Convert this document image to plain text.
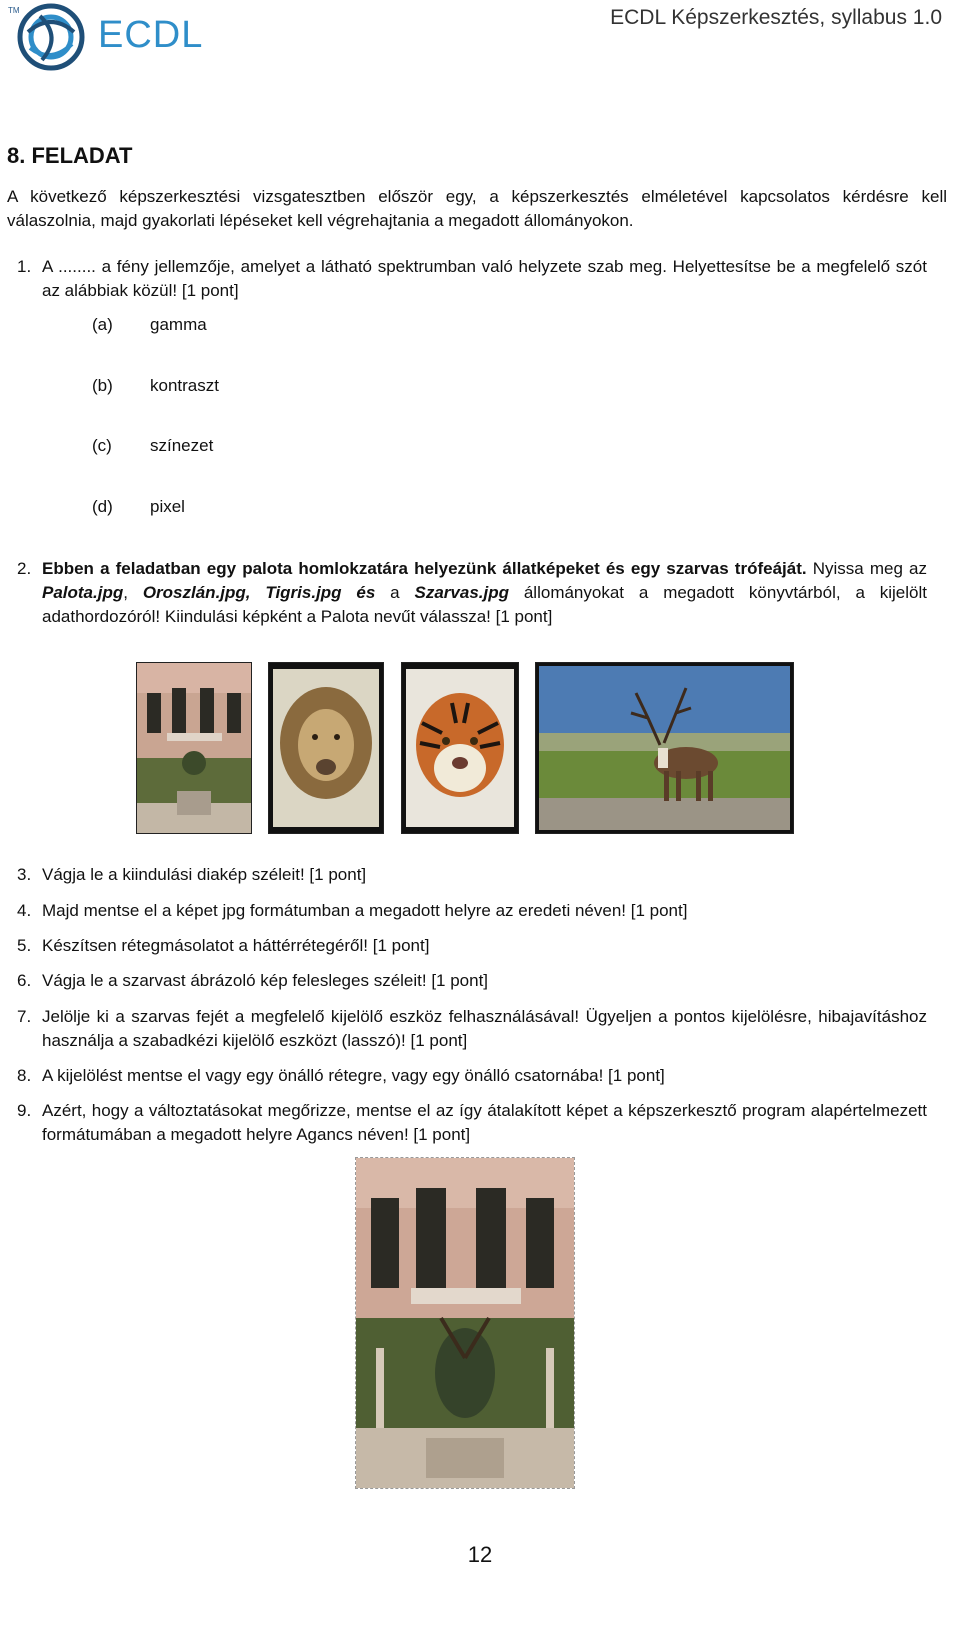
TM
ECDL	ECDL Képszerkesztés, syllabus 1.0
8. FELADAT
A következő képszerkesztési vizsgatesztben először egy, a képszerkesztés elméletével kapcsolatos kérdésre kell válaszolnia, majd gyakorlati lépéseket kell végrehajtania a megadott állományokon.
1. A ........ a fény jellemzője, amelyet a látható spektrumban való helyzete szab meg. Helyettesítse be a megfelelő szót az alábbiak közül! [1 pont]
(a) gamma
(b) kontraszt
(c) színezet
(d) pixel
2. Ebben a feladatban egy palota homlokzatára helyezünk állatképeket és egy szarvas trófeáját. Nyissa meg az Palota.jpg, Oroszlán.jpg, Tigris.jpg és a Szarvas.jpg állományokat a megadott könyvtárból, a kijelölt adathordozóról! Kiindulási képként a Palota nevűt válassza! [1 pont]
3. Vágja le a kiindulási diakép széleit! [1 pont]
4. Majd mentse el a képet jpg formátumban a megadott helyre az eredeti néven! [1 pont]
5. Készítsen rétegmásolatot a háttérrétegéről! [1 pont]
6. Vágja le a szarvast ábrázoló kép felesleges széleit! [1 pont]
7. Jelölje ki a szarvas fejét a megfelelő kijelölő eszköz felhasználásával! Ügyeljen a pontos kijelölésre, hibajavításhoz használja a szabadkézi kijelölő eszközt (lasszó)! [1 pont]
8. A kijelölést mentse el vagy egy önálló rétegre, vagy egy önálló csatornába! [1 pont]
9. Azért, hogy a változtatásokat megőrizze, mentse el az így átalakított képet a képszerkesztő program alapértelmezett formátumában a megadott helyre Agancs néven! [1 pont]
12
